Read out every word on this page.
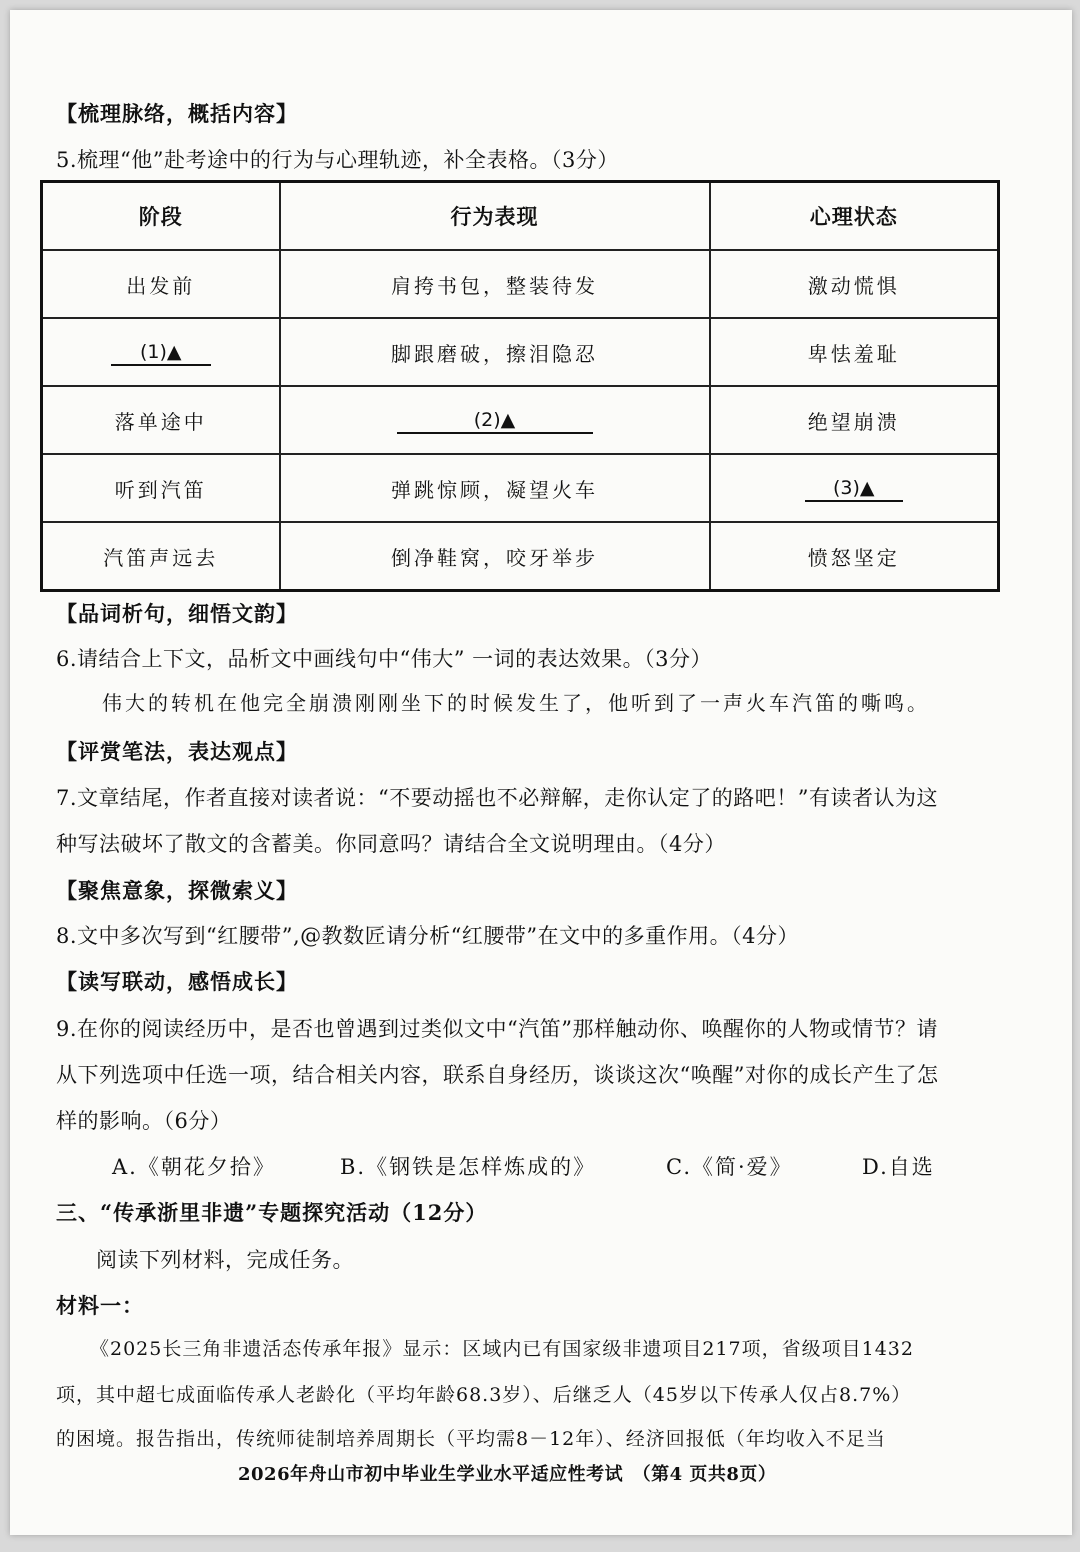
【梳理脉络，概括内容】
5.梳理“他”赴考途中的行为与心理轨迹，补全表格。（3分）
阶段	行为表现	心理状态
出发前	肩挎书包，整装待发	激动慌惧
(1)▲	脚跟磨破，擦泪隐忍	卑怯羞耻
落单途中	(2)▲	绝望崩溃
听到汽笛	弹跳惊顾，凝望火车	(3)▲
汽笛声远去	倒净鞋窝，咬牙举步	愤怒坚定
【品词析句，细悟文韵】
6.请结合上下文，品析文中画线句中“伟大” 一词的表达效果。（3分）
伟大的转机在他完全崩溃刚刚坐下的时候发生了，他听到了一声火车汽笛的嘶鸣。
【评赏笔法，表达观点】
7.文章结尾，作者直接对读者说：“不要动摇也不必辩解，走你认定了的路吧！”有读者认为这
种写法破坏了散文的含蓄美。你同意吗？请结合全文说明理由。（4分）
【聚焦意象，探微索义】
8.文中多次写到“红腰带”,@教数匠请分析“红腰带”在文中的多重作用。（4分）
【读写联动，感悟成长】
9.在你的阅读经历中，是否也曾遇到过类似文中“汽笛”那样触动你、唤醒你的人物或情节？请
从下列选项中任选一项，结合相关内容，联系自身经历，谈谈这次“唤醒”对你的成长产生了怎
样的影响。（6分）
A.《朝花夕拾》	B.《钢铁是怎样炼成的》	C.《简·爱》	D.自选
三、“传承浙里非遗”专题探究活动（12分）
阅读下列材料，完成任务。
材料一：
《2025长三角非遗活态传承年报》显示：区域内已有国家级非遗项目217项，省级项目1432
项，其中超七成面临传承人老龄化（平均年龄68.3岁）、后继乏人（45岁以下传承人仅占8.7%）
的困境。报告指出，传统师徒制培养周期长（平均需8－12年）、经济回报低（年均收入不足当
2026年舟山市初中毕业生学业水平适应性考试　（第4 页共8页）
